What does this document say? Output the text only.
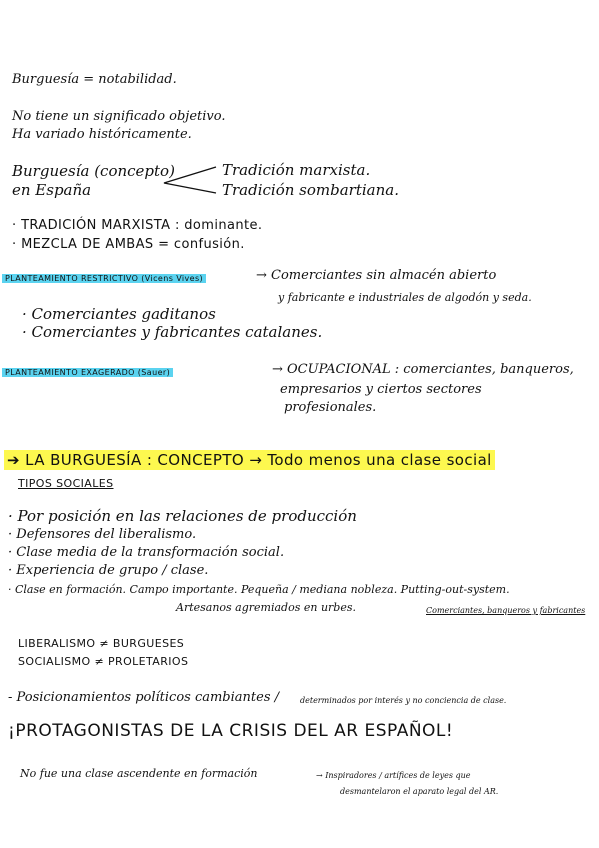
Burguesía = notabilidad.
No tiene un significado objetivo.
Ha variado históricamente.
Burguesía (concepto)
en España
Tradición marxista.
Tradición sombartiana.
· TRADICIÓN MARXISTA : dominante.
· MEZCLA DE AMBAS = confusión.
PLANTEAMIENTO RESTRICTIVO (Vicens Vives)	→ Comerciantes sin almacén abierto
y fabricante e industriales de algodón y seda.
· Comerciantes gaditanos
· Comerciantes y fabricantes catalanes.
PLANTEAMIENTO EXAGERADO (Sauer)	→ OCUPACIONAL : comerciantes, banqueros,
empresarios y ciertos sectores
profesionales.
➔ LA BURGUESÍA : CONCEPTO → Todo menos una clase social
TIPOS SOCIALES
· Por posición en las relaciones de producción
· Defensores del liberalismo.
· Clase media de la transformación social.
· Experiencia de grupo / clase.
· Clase en formación. Campo importante. Pequeña / mediana nobleza. Putting-out-system.
Artesanos agremiados en urbes.	Comerciantes, banqueros y fabricantes
LIBERALISMO ≠ BURGUESES
SOCIALISMO ≠ PROLETARIOS
- Posicionamientos políticos cambiantes /	determinados por interés y no conciencia de clase.
¡PROTAGONISTAS DE LA CRISIS DEL AR ESPAÑOL!
No fue una clase ascendente en formación	→ Inspiradores / artífices de leyes que
desmantelaron el aparato legal del AR.
